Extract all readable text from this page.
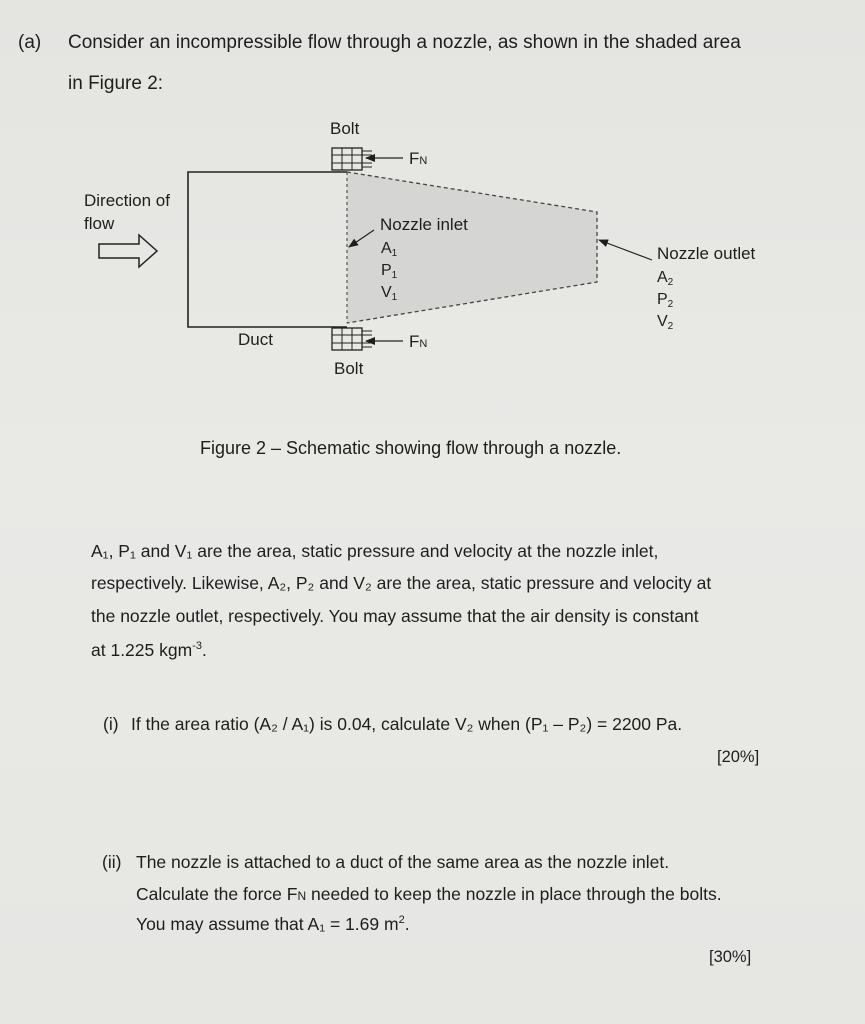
(a) Consider an incompressible flow through a nozzle, as shown in the shaded area
in Figure 2:
Bolt
Bolt
FN
FN
Direction of
flow
Duct
Nozzle inlet
A1
P1
V1
Nozzle outlet
A2
P2
V2
Figure 2 – Schematic showing flow through a nozzle.
A₁, P₁ and V₁ are the area, static pressure and velocity at the nozzle inlet,
respectively. Likewise, A₂, P₂ and V₂ are the area, static pressure and velocity at
the nozzle outlet, respectively. You may assume that the air density is constant
at 1.225 kgm$^{-3}$.
(i) If the area ratio (A₂ / A₁) is 0.04, calculate V₂ when (P₁ – P₂) = 2200 Pa.
[20%]
(ii) The nozzle is attached to a duct of the same area as the nozzle inlet.
Calculate the force FN needed to keep the nozzle in place through the bolts.
You may assume that A₁ = 1.69 $m^2$.
[30%]
